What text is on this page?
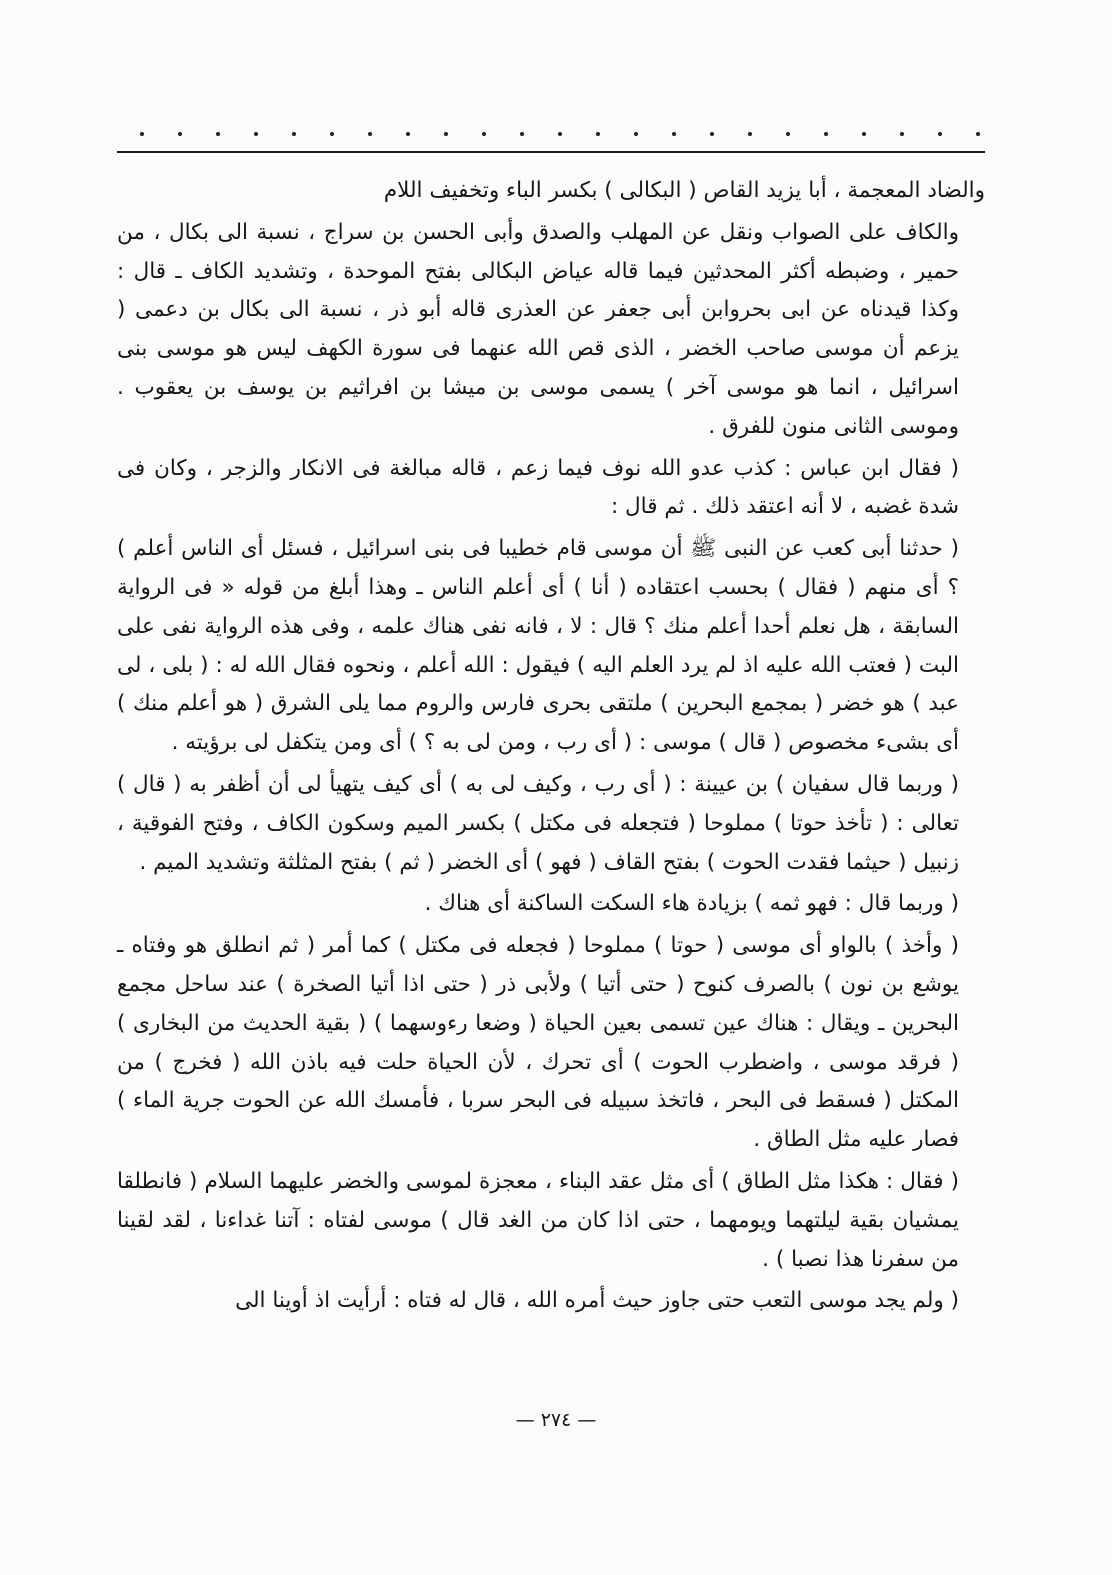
والضاد المعجمة ، أبا يزيد القاص ( البكالى ) بكسر الباء وتخفيف اللام

والكاف على الصواب ونقل عن المهلب والصدق وأبى الحسن بن سراج ، نسبة الى بكال ، من حمير ، وضبطه أكثر المحدثين فيما قاله عياض البكالى بفتح الموحدة ، وتشديد الكاف ـ قال : وكذا قيدناه عن ابى بحروابن أبى جعفر عن العذرى قاله أبو ذر ، نسبة الى بكال بن دعمى ( يزعم أن موسى صاحب الخضر ، الذى قص الله عنهما فى سورة الكهف ليس هو موسى بنى اسرائيل ، انما هو موسى آخر ) يسمى موسى بن ميشا بن افراثيم بن يوسف بن يعقوب . وموسى الثانى منون للفرق .

( فقال ابن عباس : كذب عدو الله نوف فيما زعم ، قاله مبالغة فى الانكار والزجر ، وكان فى شدة غضبه ، لا أنه اعتقد ذلك . ثم قال :

( حدثنا أبى كعب عن النبى ﷺ أن موسى قام خطيبا فى بنى اسرائيل ، فسئل أى الناس أعلم ) ؟ أى منهم ( فقال ) بحسب اعتقاده ( أنا ) أى أعلم الناس ـ وهذا أبلغ من قوله « فى الرواية السابقة ، هل نعلم أحدا أعلم منك ؟ قال : لا ، فانه نفى هناك علمه ، وفى هذه الرواية نفى على البت ( فعتب الله عليه اذ لم يرد العلم اليه ) فيقول : الله أعلم ، ونحوه فقال الله له : ( بلى ، لى عبد ) هو خضر ( بمجمع البحرين ) ملتقى بحرى فارس والروم مما يلى الشرق ( هو أعلم منك ) أى بشىء مخصوص ( قال ) موسى : ( أى رب ، ومن لى به ؟ ) أى ومن يتكفل لى برؤيته .

( وربما قال سفيان ) بن عيينة : ( أى رب ، وكيف لى به ) أى كيف يتهيأ لى أن أظفر به ( قال ) تعالى : ( تأخذ حوتا ) مملوحا ( فتجعله فى مكتل ) بكسر الميم وسكون الكاف ، وفتح الفوقية ، زنبيل ( حيثما فقدت الحوت ) بفتح القاف ( فهو ) أى الخضر ( ثم ) بفتح المثلثة وتشديد الميم .

( وربما قال : فهو ثمه ) بزيادة هاء السكت الساكنة أى هناك .

( وأخذ ) بالواو أى موسى ( حوتا ) مملوحا ( فجعله فى مكتل ) كما أمر ( ثم انطلق هو وفتاه ـ يوشع بن نون ) بالصرف كنوح ( حتى أتيا ) ولأبى ذر ( حتى اذا أتيا الصخرة ) عند ساحل مجمع البحرين ـ ويقال : هناك عين تسمى بعين الحياة ( وضعا رءوسهما ) ( بقية الحديث من البخارى ) ( فرقد موسى ، واضطرب الحوت ) أى تحرك ، لأن الحياة حلت فيه باذن الله ( فخرج ) من المكتل ( فسقط فى البحر ، فاتخذ سبيله فى البحر سربا ، فأمسك الله عن الحوت جرية الماء ) فصار عليه مثل الطاق .

( فقال : هكذا مثل الطاق ) أى مثل عقد البناء ، معجزة لموسى والخضر عليهما السلام ( فانطلقا يمشيان بقية ليلتهما ويومهما ، حتى اذا كان من الغد قال ) موسى لفتاه : آتنا غداءنا ، لقد لقينا من سفرنا هذا نصبا ) .

( ولم يجد موسى التعب حتى جاوز حيث أمره الله ، قال له فتاه : أرأيت اذ أوينا الى

— ٢٧٤ —
